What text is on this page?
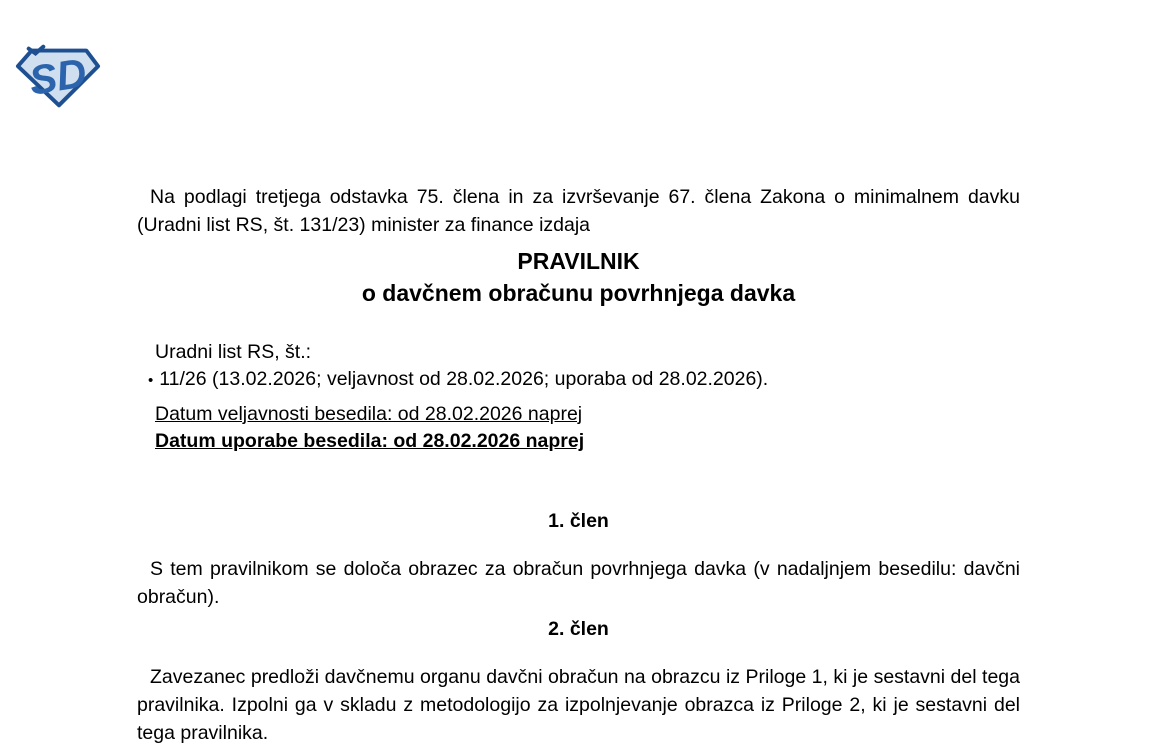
SD

Na podlagi tretjega odstavka 75. člena in za izvrševanje 67. člena Zakona o minimalnem davku (Uradni list RS, št. 131/23) minister za finance izdaja

PRAVILNIK
o davčnem obračunu povrhnjega davka
Uradni list RS, št.:
• 11/26 (13.02.2026; veljavnost od 28.02.2026; uporaba od 28.02.2026).
Datum veljavnosti besedila: od 28.02.2026 naprej
Datum uporabe besedila: od 28.02.2026 naprej
1. člen

S tem pravilnikom se določa obrazec za obračun povrhnjega davka (v nadaljnjem besedilu: davčni obračun).

2. člen

Zavezanec predloži davčnemu organu davčni obračun na obrazcu iz Priloge 1, ki je sestavni del tega pravilnika. Izpolni ga v skladu z metodologijo za izpolnjevanje obrazca iz Priloge 2, ki je sestavni del tega pravilnika.
